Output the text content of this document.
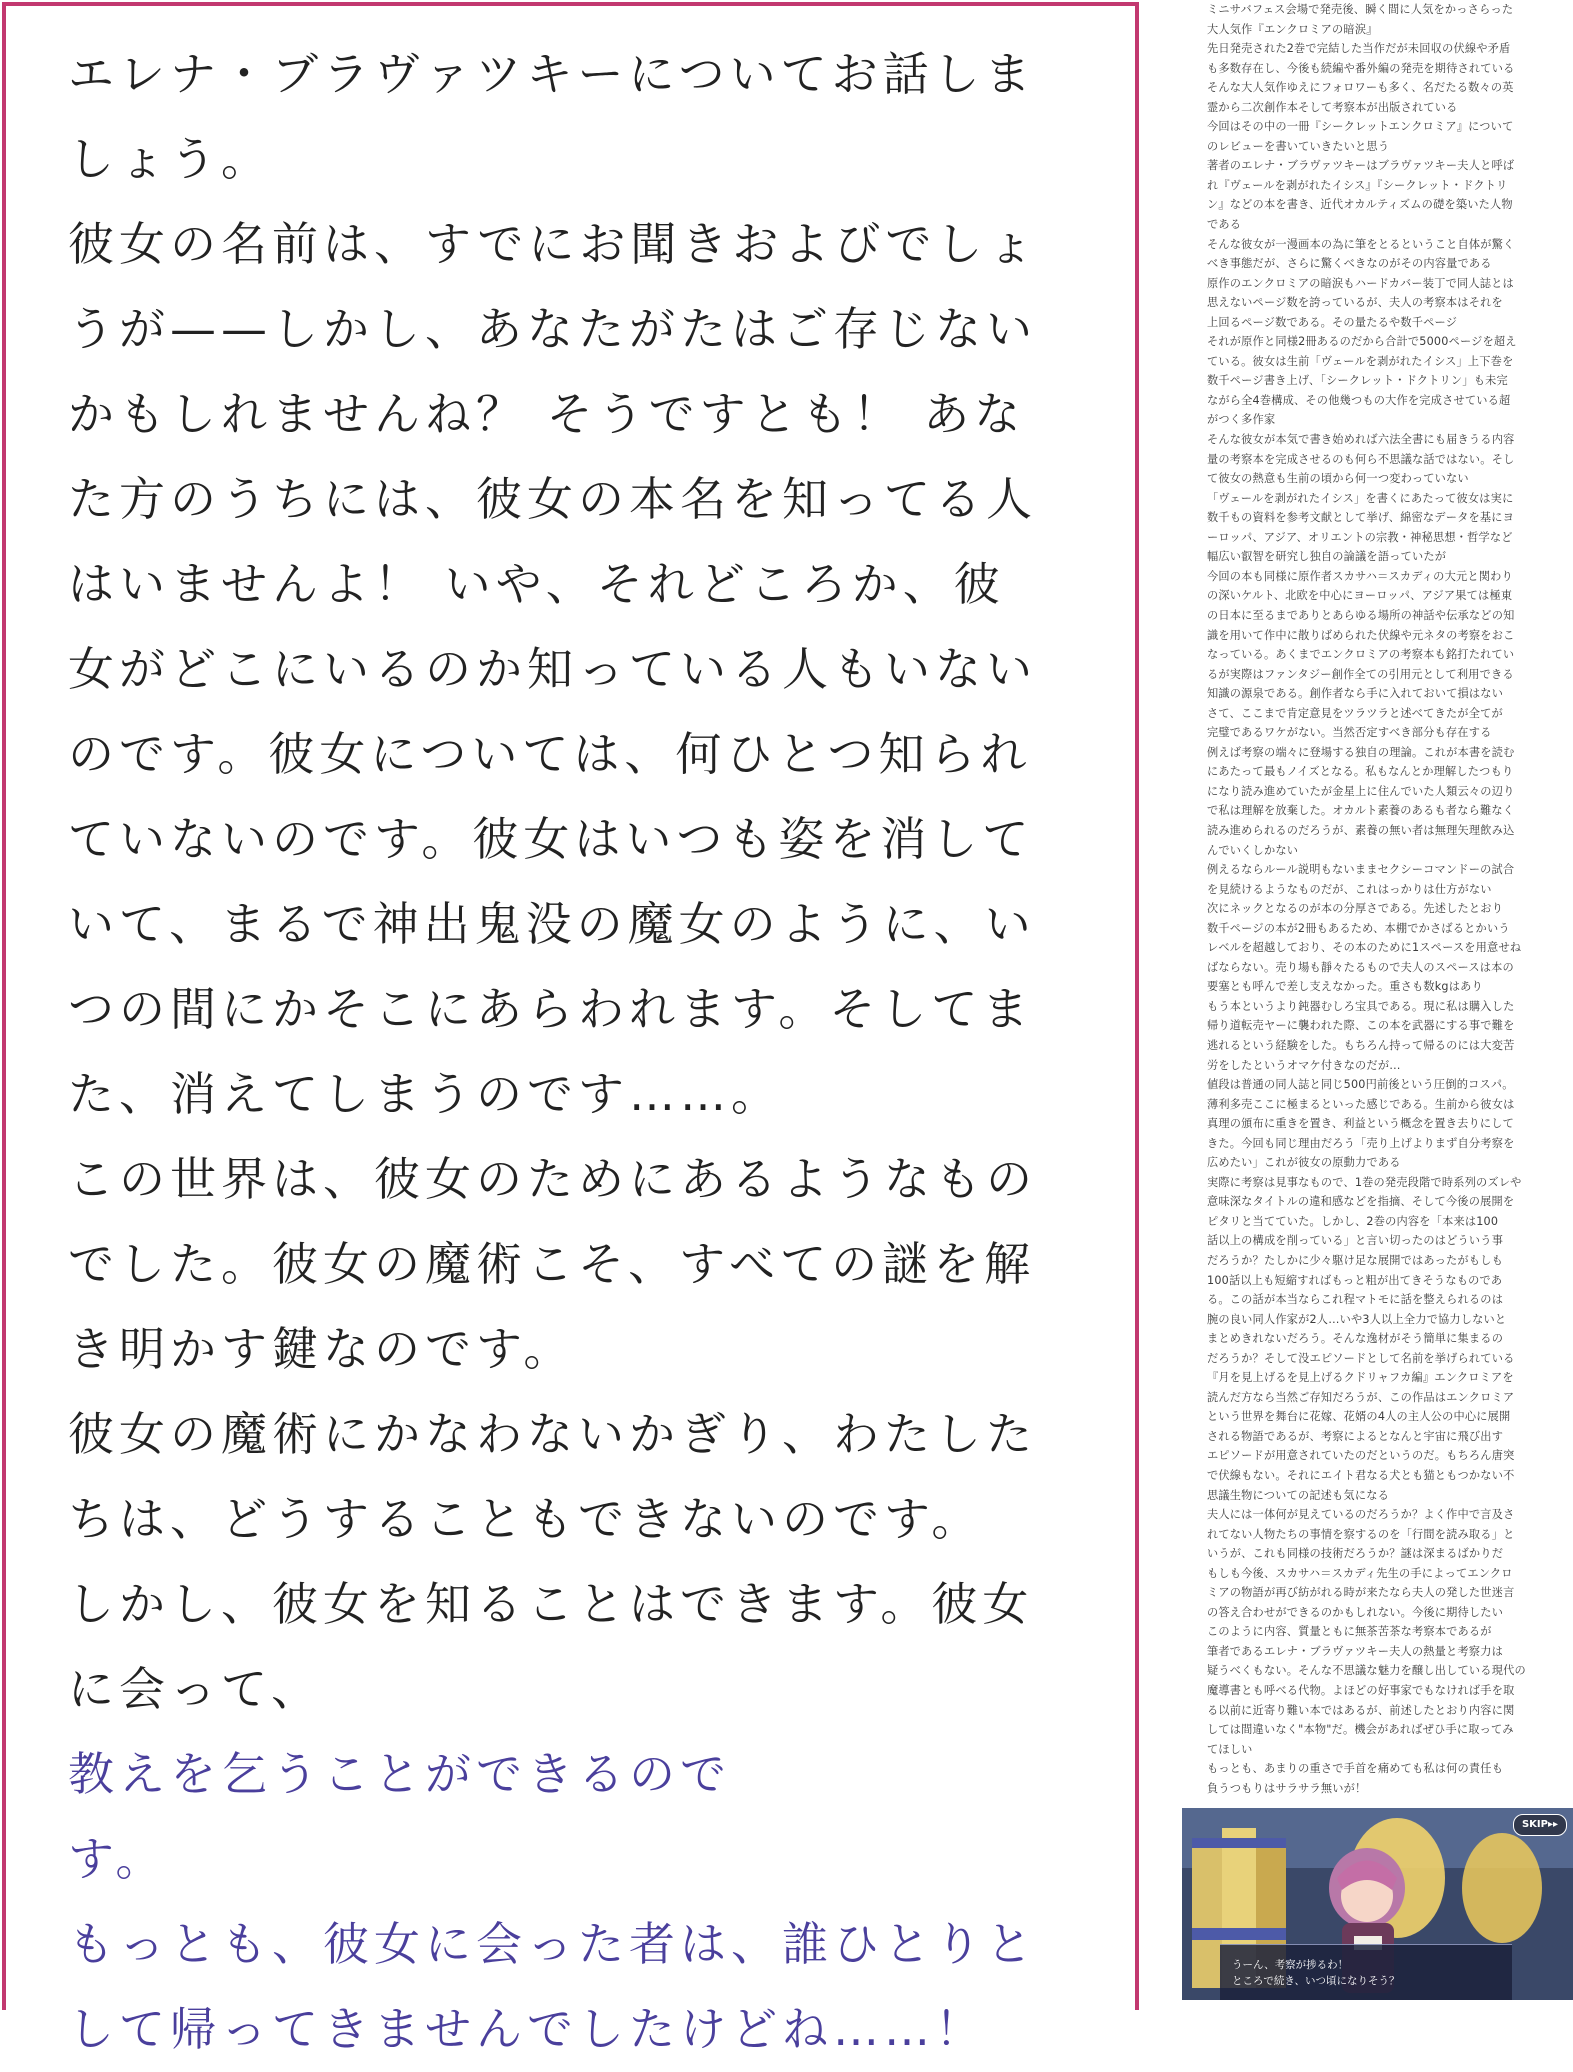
エレナ・ブラヴァツキーについてお話しま

しょう。

彼女の名前は、すでにお聞きおよびでしょ

うが——しかし、あなたがたはご存じない

かもしれませんね？ そうですとも！ あな

た方のうちには、彼女の本名を知ってる人

はいませんよ！ いや、それどころか、彼

女がどこにいるのか知っている人もいない

のです。彼女については、何ひとつ知られ

ていないのです。彼女はいつも姿を消して

いて、まるで神出鬼没の魔女のように、い

つの間にかそこにあらわれます。そしてま

た、消えてしまうのです……。

この世界は、彼女のためにあるようなもの

でした。彼女の魔術こそ、すべての謎を解

き明かす鍵なのです。

彼女の魔術にかなわないかぎり、わたした

ちは、どうすることもできないのです。

しかし、彼女を知ることはできます。彼女

に会って、

教えを乞うことができるので

す。

もっとも、彼女に会った者は、誰ひとりと

して帰ってきませんでしたけどね……！

ミニサバフェス会場で発売後、瞬く間に人気をかっさらった

大人気作『エンクロミアの暗涙』

先日発売された2巻で完結した当作だが未回収の伏線や矛盾

も多数存在し、今後も続編や番外編の発売を期待されている

そんな大人気作ゆえにフォロワーも多く、名だたる数々の英

霊から二次創作本そして考察本が出版されている

今回はその中の一冊『シークレットエンクロミア』について

のレビューを書いていきたいと思う

著者のエレナ・ブラヴァツキーはブラヴァツキー夫人と呼ば

れ『ヴェールを剥がれたイシス』『シークレット・ドクトリ

ン』などの本を書き、近代オカルティズムの礎を築いた人物

である

そんな彼女が一漫画本の為に筆をとるということ自体が驚く

べき事態だが、さらに驚くべきなのがその内容量である

原作のエンクロミアの暗涙もハードカバー装丁で同人誌とは

思えないページ数を誇っているが、夫人の考察本はそれを

上回るページ数である。その量たるや数千ページ

それが原作と同様2冊あるのだから合計で5000ページを超え

ている。彼女は生前「ヴェールを剥がれたイシス」上下巻を

数千ページ書き上げ、「シークレット・ドクトリン」も未完

ながら全4巻構成、その他幾つもの大作を完成させている超

がつく多作家

そんな彼女が本気で書き始めれば六法全書にも届きうる内容

量の考察本を完成させるのも何ら不思議な話ではない。そし

て彼女の熱意も生前の頃から何一つ変わっていない

「ヴェールを剥がれたイシス」を書くにあたって彼女は実に

数千もの資料を参考文献として挙げ、綿密なデータを基にヨ

ーロッパ、アジア、オリエントの宗教・神秘思想・哲学など

幅広い叡智を研究し独自の論議を語っていたが

今回の本も同様に原作者スカサハ＝スカディの大元と関わり

の深いケルト、北欧を中心にヨーロッパ、アジア果ては極東

の日本に至るまでありとあらゆる場所の神話や伝承などの知

識を用いて作中に散りばめられた伏線や元ネタの考察をおこ

なっている。あくまでエンクロミアの考察本も銘打たれてい

るが実際はファンタジー創作全ての引用元として利用できる

知識の源泉である。創作者なら手に入れておいて損はない

さて、ここまで肯定意見をツラツラと述べてきたが全てが

完璧であるワケがない。当然否定すべき部分も存在する

例えば考察の端々に登場する独自の理論。これが本書を読む

にあたって最もノイズとなる。私もなんとか理解したつもり

になり読み進めていたが金星上に住んでいた人類云々の辺り

で私は理解を放棄した。オカルト素養のあるも者なら難なく

読み進められるのだろうが、素養の無い者は無理矢理飲み込

んでいくしかない

例えるならルール説明もないままセクシーコマンドーの試合

を見続けるようなものだが、これはっかりは仕方がない

次にネックとなるのが本の分厚さである。先述したとおり

数千ページの本が2冊もあるため、本棚でかさばるとかいう

レベルを超越しており、その本のために1スペースを用意せね

ばならない。売り場も靜々たるもので夫人のスペースは本の

要塞とも呼んで差し支えなかった。重さも数kgはあり

もう本というより鈍器むしろ宝具である。現に私は購入した

帰り道転売ヤーに襲われた際、この本を武器にする事で難を

逃れるという経験をした。もちろん持って帰るのには大変苦

労をしたというオマケ付きなのだが…

値段は普通の同人誌と同じ500円前後という圧倒的コスパ。

薄利多売ここに極まるといった感じである。生前から彼女は

真理の頒布に重きを置き、利益という概念を置き去りにして

きた。今回も同じ理由だろう「売り上げよりまず自分考察を

広めたい」これが彼女の原動力である

実際に考察は見事なもので、1巻の発売段階で時系列のズレや

意味深なタイトルの違和感などを指摘、そして今後の展開を

ピタリと当てていた。しかし、2巻の内容を「本来は100

話以上の構成を削っている」と言い切ったのはどういう事

だろうか？たしかに少々駆け足な展開ではあったがもしも

100話以上も短縮すればもっと粗が出てきそうなものであ

る。この話が本当ならこれ程マトモに話を整えられるのは

腕の良い同人作家が2人…いや3人以上全力で協力しないと

まとめきれないだろう。そんな逸材がそう簡単に集まるの

だろうか？そして没エピソードとして名前を挙げられている

『月を見上げるを見上げるクドリャフカ編』エンクロミアを

読んだ方なら当然ご存知だろうが、この作品はエンクロミア

という世界を舞台に花嫁、花婿の4人の主人公の中心に展開

される物語であるが、考察によるとなんと宇宙に飛び出す

エピソードが用意されていたのだというのだ。もちろん唐突

で伏線もない。それにエイト君なる犬とも猫ともつかない不

思議生物についての記述も気になる

夫人には一体何が見えているのだろうか？よく作中で言及さ

れてない人物たちの事情を察するのを「行間を読み取る」と

いうが、これも同様の技術だろうか？謎は深まるばかりだ

もしも今後、スカサハ＝スカディ先生の手によってエンクロ

ミアの物語が再び紡がれる時が来たなら夫人の発した世迷言

の答え合わせができるのかもしれない。今後に期待したい

このように内容、質量ともに無茶苦茶な考察本であるが

筆者であるエレナ・ブラヴァツキー夫人の熱量と考察力は

疑うべくもない。そんな不思議な魅力を醸し出している現代の

魔導書とも呼べる代物。よほどの好事家でもなければ手を取

る以前に近寄り難い本ではあるが、前述したとおり内容に関

しては間違いなく"本物"だ。機会があればぜひ手に取ってみ

てほしい

もっとも、あまりの重さで手首を痛めても私は何の責任も

負うつもりはサラサラ無いが！

SKIP▸▸
うーん、考察が捗るわ！
ところで続き、いつ頃になりそう？
